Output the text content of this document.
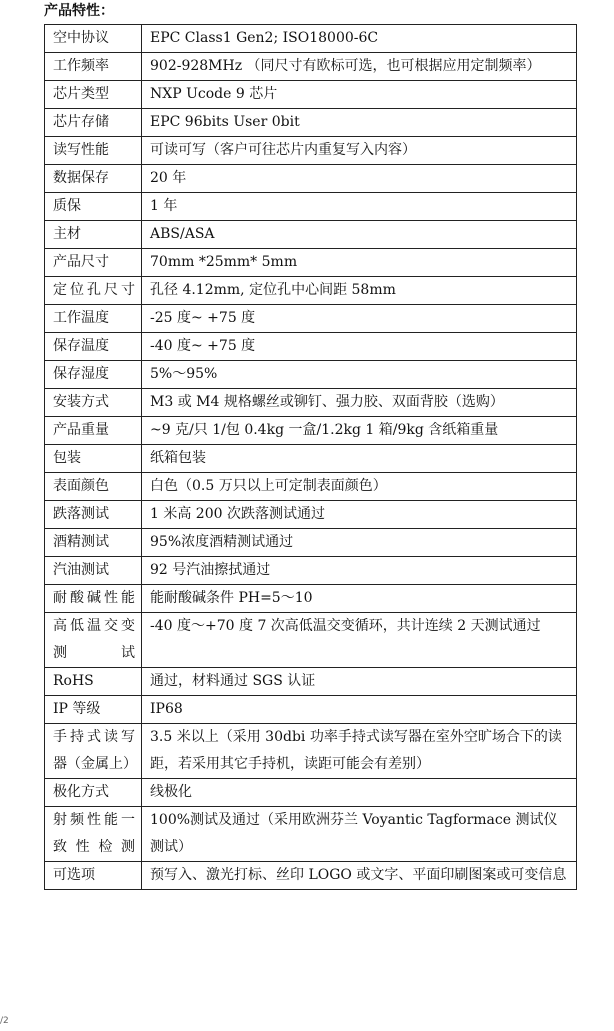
产品特性：
空中协议	EPC Class1 Gen2; ISO18000-6C
工作频率	902-928MHz （同尺寸有欧标可选，也可根据应用定制频率）
芯片类型	NXP Ucode 9 芯片
芯片存储	EPC 96bits User 0bit
读写性能	可读可写（客户可往芯片内重复写入内容）
数据保存	20 年
质保	1 年
主材	ABS/ASA
产品尺寸	70mm *25mm* 5mm
定位孔尺寸	孔径 4.12mm, 定位孔中心间距 58mm
工作温度	-25 度~ +75 度
保存温度	-40 度~ +75 度
保存湿度	5%～95%
安装方式	M3 或 M4 规格螺丝或铆钉、强力胶、双面背胶（选购）
产品重量	~9 克/只 1/包 0.4kg 一盒/1.2kg 1 箱/9kg 含纸箱重量
包装	纸箱包装
表面颜色	白色（0.5 万只以上可定制表面颜色）
跌落测试	1 米高 200 次跌落测试通过
酒精测试	95%浓度酒精测试通过
汽油测试	92 号汽油擦拭通过
耐酸碱性能	能耐酸碱条件 PH=5～10
高低温交变测试	-40 度～+70 度 7 次高低温交变循环，共计连续 2 天测试通过
RoHS	通过，材料通过 SGS 认证
IP 等级	IP68
手持式读写器（金属上）	3.5 米以上（采用 30dbi 功率手持式读写器在室外空旷场合下的读距，若采用其它手持机，读距可能会有差别）
极化方式	线极化
射频性能一致性检测	100%测试及通过（采用欧洲芬兰 Voyantic Tagformace 测试仪测试）
可选项	预写入、激光打标、丝印 LOGO 或文字、平面印刷图案或可变信息
/2
